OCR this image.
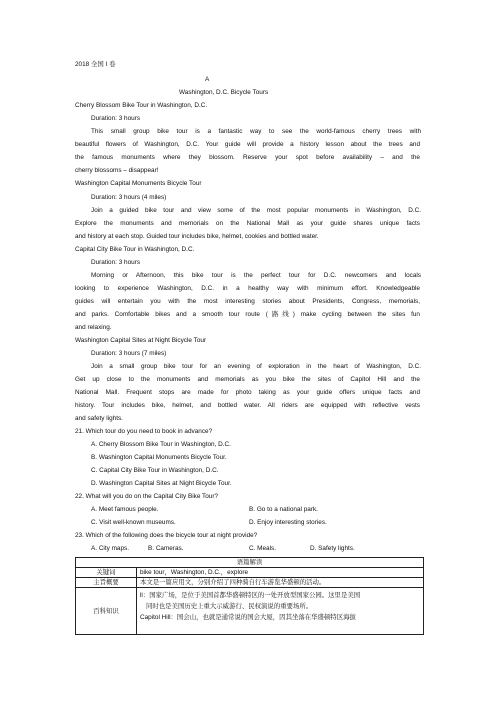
2018 全国 I 卷
A
Washington, D.C. Bicycle Tours
Cherry Blossom Bike Tour in Washington, D.C.
Duration: 3 hours
This small group bike tour is a fantastic way to see the world-famous cherry trees with
beautiful flowers of Washington, D.C. Your guide will provide a history lesson about the trees and
the famous monuments where they blossom. Reserve your spot before availability – and the
cherry blossoms – disappear!
Washington Capital Monuments Bicycle Tour
Duration: 3 hours (4 miles)
Join a guided bike tour and view some of the most popular monuments in Washington, D.C.
Explore the monuments and memorials on the National Mall as your guide shares unique facts
and history at each stop. Guided tour includes bike, helmet, cookies and bottled water.
Capital City Bike Tour in Washington, D.C.
Duration: 3 hours
Morning or Afternoon, this bike tour is the perfect tour for D.C. newcomers and locals
looking to experience Washington, D.C. in a healthy way with minimum effort. Knowledgeable
guides will entertain you with the most interesting stories about Presidents, Congress, memorials,
and parks. Comfortable bikes and a smooth tour route (路线) make cycling between the sites fun
and relaxing.
Washington Capital Sites at Night Bicycle Tour
Duration: 3 hours (7 miles)
Join a small group bike tour for an evening of exploration in the heart of Washington, D.C.
Get up close to the monuments and memorials as you bike the sites of Capitol Hill and the
National Mall. Frequent stops are made for photo taking as your guide offers unique facts and
history. Tour includes bike, helmet, and bottled water. All riders are equipped with reflective vests
and safety lights.
21. Which tour do you need to book in advance?
A. Cherry Blossom Bike Tour in Washington, D.C.
B. Washington Capital Monuments Bicycle Tour.
C. Capital City Bike Tour in Washington, D.C.
D. Washington Capital Sites at Night Bicycle Tour.
22. What will you do on the Capital City Bike Tour?
A. Meet famous people.	B. Go to a national park.
C. Visit well-known museums.	D. Enjoy interesting stories.
23. Which of the following does the bicycle tour at night provide?
A. City maps.	B. Cameras.	C. Meals.	D. Safety lights.
语篇解读	
关键词	bike tour，Washington, D.C.，explore
主旨概要	本文是一篇应用文，分别介绍了四种骑自行车游览华盛顿的活动。
百科知识	ll：国家广场，是位于美国首都华盛顿特区的一处开放型国家公园。这里是美国
同时也是美国历史上重大示威游行、民权演说的重要场所。
Capitol Hill：国会山，也就是通常说的国会大厦，因其坐落在华盛顿特区海拔
